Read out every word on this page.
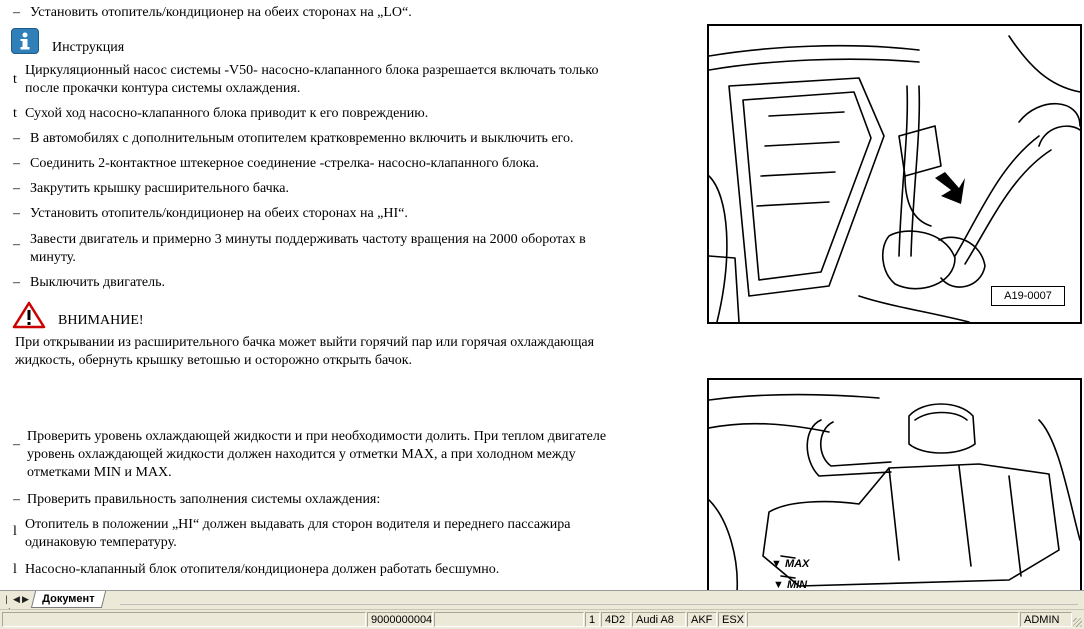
– Установить отопитель/кондиционер на обеих сторонах на „LO“.
Инструкция
t
Циркуляционный насос системы -V50- насосно-клапанного блока разрешается включать только
после прокачки контура системы охлаждения.
t Сухой ход насосно-клапанного блока приводит к его повреждению.
– В автомобилях с дополнительным отопителем кратковременно включить и выключить его.
– Соединить 2-контактное штекерное соединение -стрелка- насосно-клапанного блока.
– Закрутить крышку расширительного бачка.
– Установить отопитель/кондиционер на обеих сторонах на „HI“.
– Завести двигатель и примерно 3 минуты поддерживать частоту вращения на 2000 оборотах в
минуту.
– Выключить двигатель.
ВНИМАНИЕ!
При открывании из расширительного бачка может выйти горячий пар или горячая охлаждающая
жидкость, обернуть крышку ветошью и осторожно открыть бачок.
–
Проверить уровень охлаждающей жидкости и при необходимости долить. При теплом двигателе
уровень охлаждающей жидкости должен находится у отметки MAX, а при холодном между
отметками MIN и MAX.
– Проверить правильность заполнения системы охлаждения:
l Отопитель в положении „HI“ должен выдавать для сторон водителя и переднего пассажира
одинаковую температуру.
l Насосно-клапанный блок отопителя/кондиционера должен работать бесшумно.
A19-0007
▼ MAX
▼ MIN
| ◀ ▶	Документ
9000000004	1 4D2 Audi A8	AKF ESX	ADMIN
